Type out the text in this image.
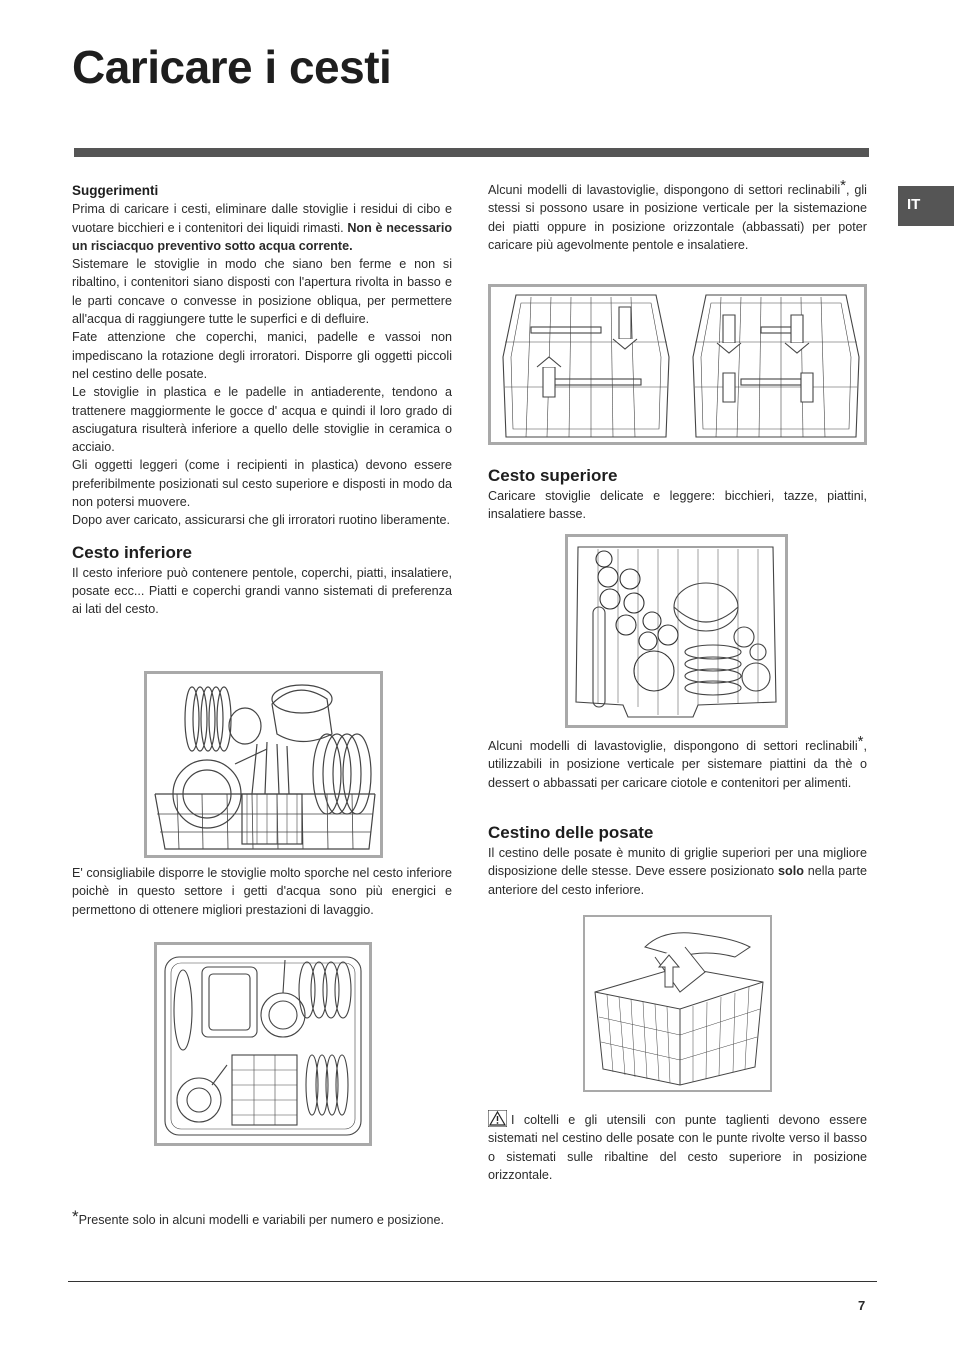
Caricare i cesti
IT

Suggerimenti

Prima di caricare i cesti, eliminare dalle stoviglie i residui di cibo e vuotare bicchieri e i contenitori dei liquidi rimasti. Non è necessario un risciacquo preventivo sotto acqua corrente.

Sistemare le stoviglie in modo che siano ben ferme e non si ribaltino, i contenitori siano disposti con l'apertura rivolta in basso e le parti concave o convesse in posizione obliqua, per permettere all'acqua di raggiungere tutte le superfici e di defluire.

Fate attenzione che coperchi, manici, padelle e vassoi non impediscano la rotazione degli irroratori. Disporre gli oggetti piccoli nel cestino delle posate.

Le stoviglie in plastica e le padelle in antiaderente, tendono a trattenere maggiormente le gocce d' acqua e quindi il loro grado di asciugatura risulterà inferiore a quello delle stoviglie in ceramica o acciaio.

Gli oggetti leggeri (come i recipienti in plastica) devono essere preferibilmente posizionati sul cesto superiore e disposti in modo da non potersi muovere.

Dopo aver caricato, assicurarsi che gli irroratori ruotino liberamente.

Cesto inferiore

Il cesto inferiore può contenere pentole, coperchi, piatti, insalatiere, posate ecc... Piatti e coperchi grandi vanno sistemati di preferenza ai lati del cesto.

E' consigliabile disporre le stoviglie molto sporche nel cesto inferiore poichè in questo settore i getti d'acqua sono più energici e permettono di ottenere migliori prestazioni di lavaggio.

*Presente solo in alcuni modelli e variabili per numero e posizione.

Alcuni modelli di lavastoviglie, dispongono di settori reclinabili*, gli stessi si possono usare in posizione verticale per la sistemazione dei piatti oppure in posizione orizzontale (abbassati) per poter caricare più agevolmente pentole e insalatiere.

Cesto superiore

Caricare stoviglie delicate e leggere: bicchieri, tazze, piattini, insalatiere basse.

Alcuni modelli di lavastoviglie, dispongono di settori reclinabili*, utilizzabili in posizione verticale per sistemare piattini da thè o dessert o abbassati per caricare ciotole e contenitori per alimenti.

Cestino delle posate

Il cestino delle posate è munito di griglie superiori per una migliore disposizione delle stesse. Deve essere posizionato solo nella parte anteriore del cesto inferiore.

I coltelli e gli utensili con punte taglienti devono essere sistemati nel cestino delle posate con le punte rivolte verso il basso o sistemati sulle ribaltine del cesto superiore in posizione orizzontale.

7
